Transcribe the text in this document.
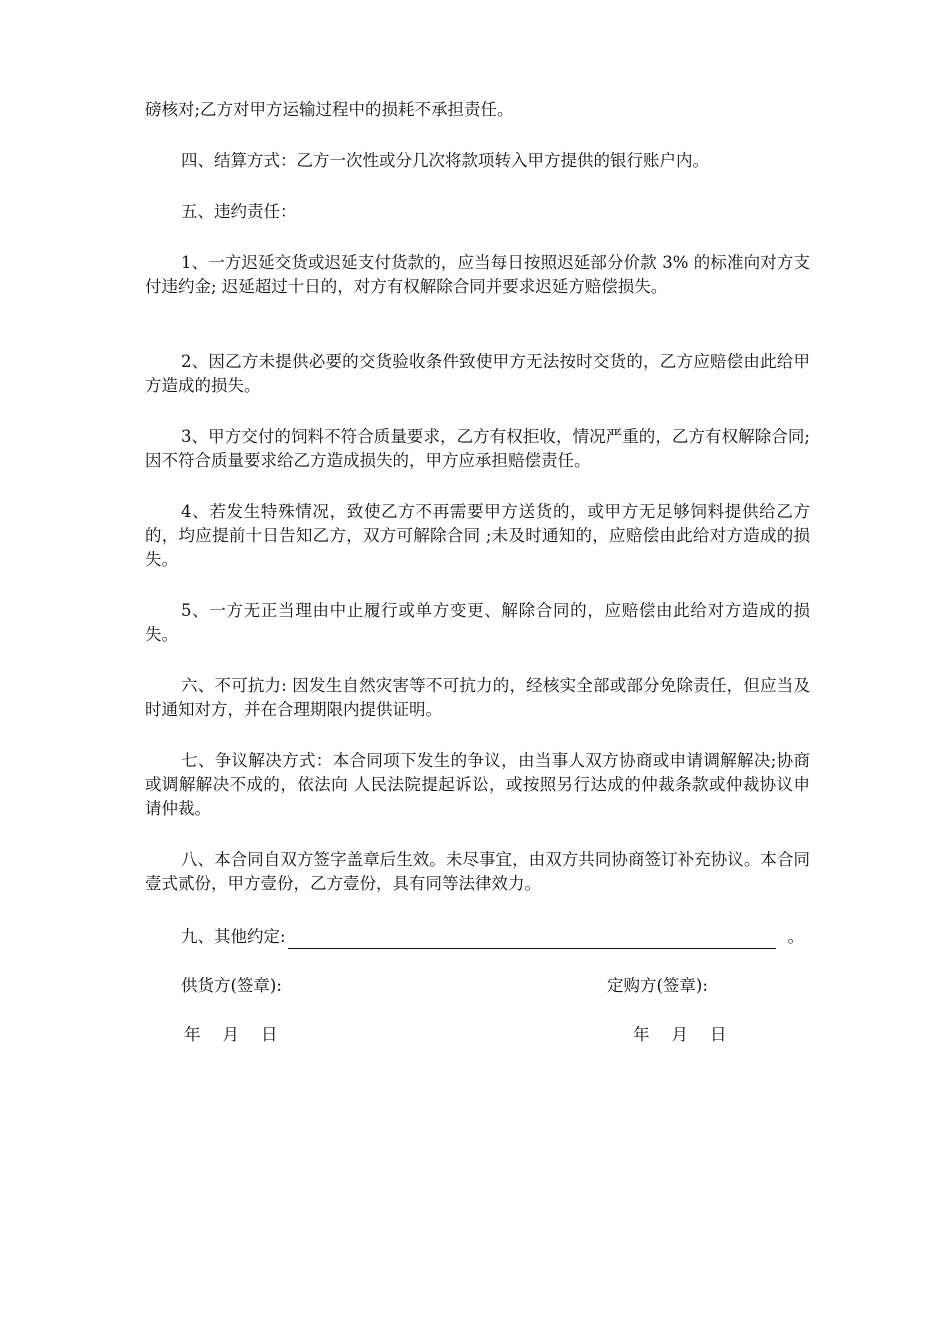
磅核对;乙方对甲方运输过程中的损耗不承担责任。
四、结算方式：乙方一次性或分几次将款项转入甲方提供的银行账户内。
五、违约责任：
1、一方迟延交货或迟延支付货款的，应当每日按照迟延部分价款 3% 的标准向对方支付违约金; 迟延超过十日的，对方有权解除合同并要求迟延方赔偿损失。
2、因乙方未提供必要的交货验收条件致使甲方无法按时交货的，乙方应赔偿由此给甲方造成的损失。
3、甲方交付的饲料不符合质量要求，乙方有权拒收，情况严重的，乙方有权解除合同;因不符合质量要求给乙方造成损失的，甲方应承担赔偿责任。
4、若发生特殊情况，致使乙方不再需要甲方送货的，或甲方无足够饲料提供给乙方的，均应提前十日告知乙方，双方可解除合同 ;未及时通知的，应赔偿由此给对方造成的损失。
5、一方无正当理由中止履行或单方变更、解除合同的，应赔偿由此给对方造成的损失。
六、不可抗力: 因发生自然灾害等不可抗力的，经核实全部或部分免除责任，但应当及时通知对方，并在合理期限内提供证明。
七、争议解决方式：本合同项下发生的争议，由当事人双方协商或申请调解解决;协商或调解解决不成的，依法向 人民法院提起诉讼，或按照另行达成的仲裁条款或仲裁协议申请仲裁。
八、本合同自双方签字盖章后生效。未尽事宜，由双方共同协商签订补充协议。本合同壹式贰份，甲方壹份，乙方壹份，具有同等法律效力。
九、其他约定:	。
供货方(签章):	定购方(签章):
年 月 日	年 月 日
